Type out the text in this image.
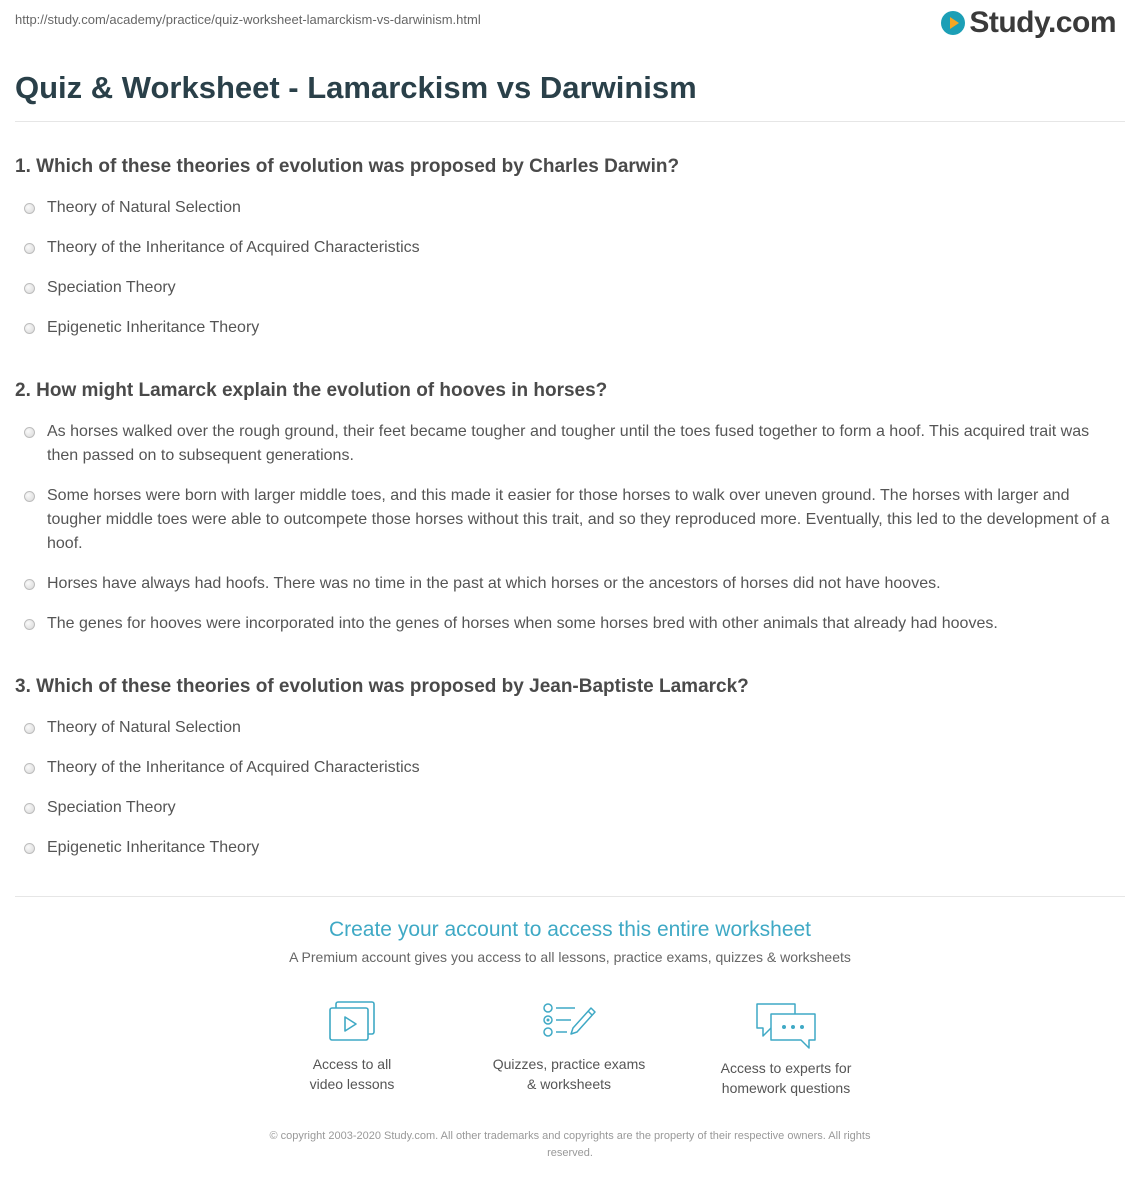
http://study.com/academy/practice/quiz-worksheet-lamarckism-vs-darwinism.html	Study.com
Quiz & Worksheet - Lamarckism vs Darwinism
1. Which of these theories of evolution was proposed by Charles Darwin?
Theory of Natural Selection
Theory of the Inheritance of Acquired Characteristics
Speciation Theory
Epigenetic Inheritance Theory
2. How might Lamarck explain the evolution of hooves in horses?
As horses walked over the rough ground, their feet became tougher and tougher until the toes fused together to form a hoof. This acquired trait was then passed on to subsequent generations.
Some horses were born with larger middle toes, and this made it easier for those horses to walk over uneven ground. The horses with larger and tougher middle toes were able to outcompete those horses without this trait, and so they reproduced more. Eventually, this led to the development of a hoof.
Horses have always had hoofs. There was no time in the past at which horses or the ancestors of horses did not have hooves.
The genes for hooves were incorporated into the genes of horses when some horses bred with other animals that already had hooves.
3. Which of these theories of evolution was proposed by Jean-Baptiste Lamarck?
Theory of Natural Selection
Theory of the Inheritance of Acquired Characteristics
Speciation Theory
Epigenetic Inheritance Theory
Create your account to access this entire worksheet
A Premium account gives you access to all lessons, practice exams, quizzes & worksheets
Access to all
video lessons
Quizzes, practice exams
& worksheets
Access to experts for
homework questions
© copyright 2003-2020 Study.com. All other trademarks and copyrights are the property of their respective owners. All rights
reserved.
